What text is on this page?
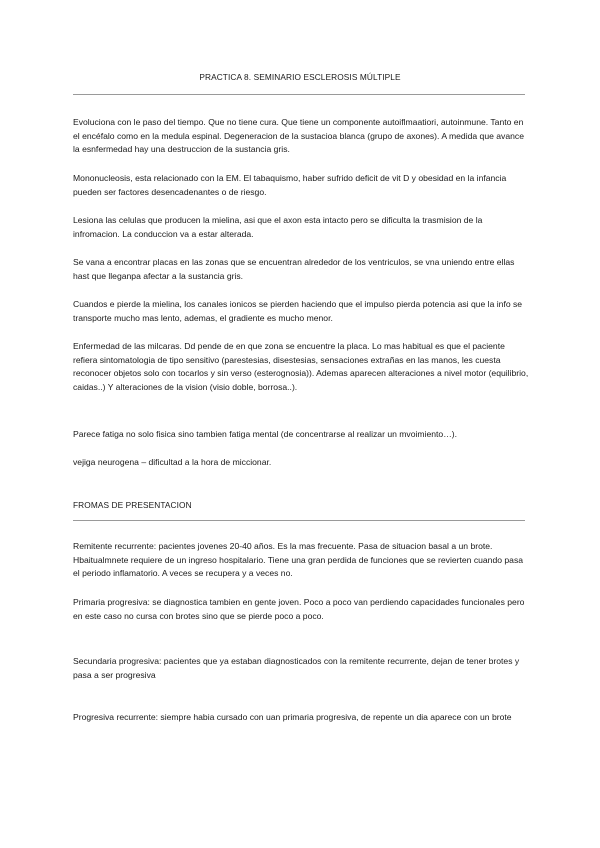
PRACTICA 8. SEMINARIO ESCLEROSIS MÚLTIPLE
Evoluciona con le paso del tiempo. Que no tiene cura. Que tiene un componente autoiflmaatiori, autoinmune. Tanto en el encéfalo como en la medula espinal. Degeneracion de la sustacioa blanca (grupo de axones). A medida que avance la esnfermedad hay una destruccion de la sustancia gris.
Mononucleosis, esta relacionado con la EM. El tabaquismo, haber sufrido deficit de vit D y obesidad en la infancia pueden ser factores desencadenantes o de riesgo.
Lesiona las celulas que producen la mielina, asi que el axon esta intacto pero se dificulta la trasmision de la infromacion. La conduccion va a estar alterada.
Se vana a encontrar placas en las zonas que se encuentran alrededor de los ventriculos, se vna uniendo entre ellas hast que lleganpa afectar a la sustancia gris.
Cuandos e pierde la mielina, los canales ionicos se pierden haciendo que el impulso pierda potencia asi que la info se transporte mucho mas lento, ademas, el gradiente es mucho menor.
Enfermedad de las milcaras. Dd pende de en que zona se encuentre la placa. Lo mas habitual es que el paciente refiera sintomatologia de tipo sensitivo (parestesias, disestesias, sensaciones extrañas en las manos, les cuesta reconocer objetos solo con tocarlos y sin verso (esterognosia)). Ademas aparecen alteraciones a nivel motor (equilibrio, caidas..) Y alteraciones de la vision (visio doble, borrosa..).
Parece fatiga no solo fisica sino tambien fatiga mental (de concentrarse al realizar un mvoimiento…).
vejiga neurogena – dificultad a la hora de miccionar.
FROMAS DE PRESENTACION
Remitente recurrente: pacientes jovenes 20-40 años. Es la mas frecuente. Pasa de situacion basal a un brote. Hbaitualmnete requiere de un ingreso hospitalario. Tiene una gran perdida de funciones que se revierten cuando pasa el periodo inflamatorio. A veces se recupera y a veces no.
Primaria progresiva: se diagnostica tambien en gente joven. Poco a poco van perdiendo capacidades funcionales pero en este caso no cursa con brotes sino que se pierde poco a poco.
Secundaria progresiva: pacientes que ya estaban diagnosticados con la remitente recurrente, dejan de tener brotes y pasa a ser progresiva
Progresiva recurrente: siempre habia cursado con uan primaria progresiva, de repente un dia aparece con un brote
